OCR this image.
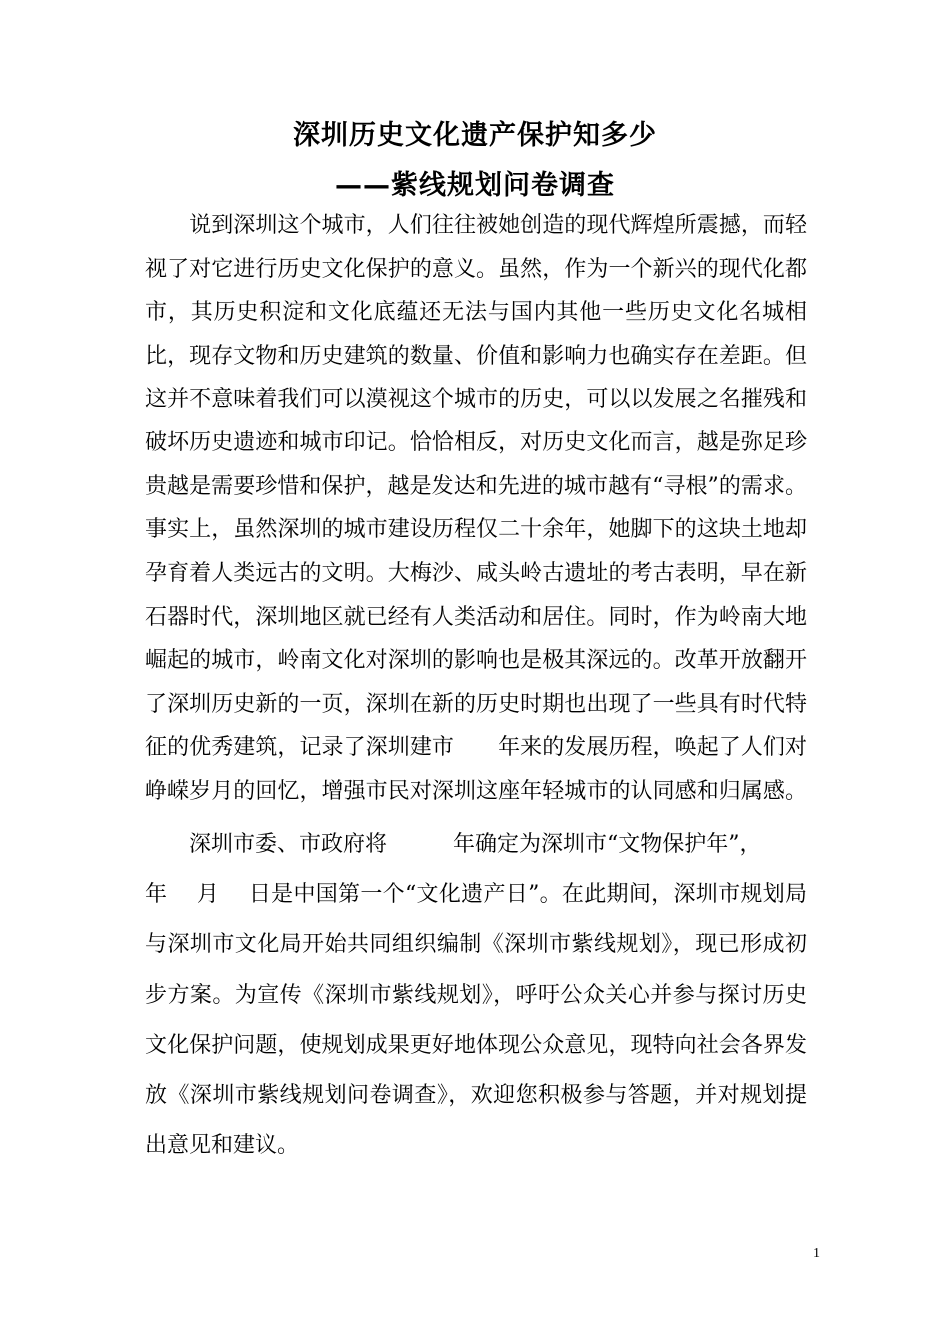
深圳历史文化遗产保护知多少
——紫线规划问卷调查
　　说到深圳这个城市，人们往往被她创造的现代辉煌所震撼，而轻
视了对它进行历史文化保护的意义。虽然，作为一个新兴的现代化都
市，其历史积淀和文化底蕴还无法与国内其他一些历史文化名城相
比，现存文物和历史建筑的数量、价值和影响力也确实存在差距。但
这并不意味着我们可以漠视这个城市的历史，可以以发展之名摧残和
破坏历史遗迹和城市印记。恰恰相反，对历史文化而言，越是弥足珍
贵越是需要珍惜和保护，越是发达和先进的城市越有“寻根”的需求。
事实上，虽然深圳的城市建设历程仅二十余年，她脚下的这块土地却
孕育着人类远古的文明。大梅沙、咸头岭古遗址的考古表明，早在新
石器时代，深圳地区就已经有人类活动和居住。同时，作为岭南大地
崛起的城市，岭南文化对深圳的影响也是极其深远的。改革开放翻开
了深圳历史新的一页，深圳在新的历史时期也出现了一些具有时代特
征的优秀建筑，记录了深圳建市　　年来的发展历程，唤起了人们对
峥嵘岁月的回忆，增强市民对深圳这座年轻城市的认同感和归属感。
　　深圳市委、市政府将　　　年确定为深圳市“文物保护年”，
年　 月　 日是中国第一个“文化遗产日”。在此期间，深圳市规划局
与深圳市文化局开始共同组织编制《深圳市紫线规划》，现已形成初
步方案。为宣传《深圳市紫线规划》，呼吁公众关心并参与探讨历史
文化保护问题，使规划成果更好地体现公众意见，现特向社会各界发
放《深圳市紫线规划问卷调查》，欢迎您积极参与答题，并对规划提
出意见和建议。
1
